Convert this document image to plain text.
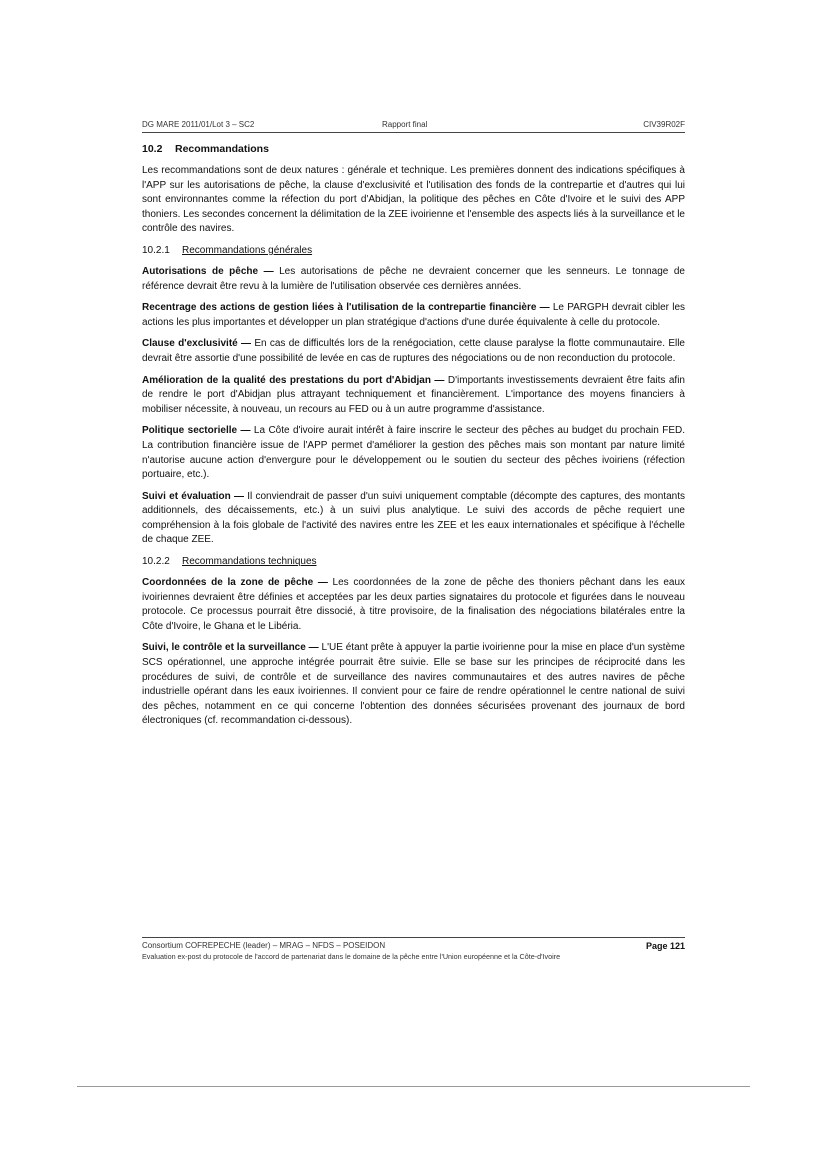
DG MARE 2011/01/Lot 3 – SC2	Rapport final	CIV39R02F
10.2 Recommandations

Les recommandations sont de deux natures : générale et technique. Les premières donnent des indications spécifiques à l'APP sur les autorisations de pêche, la clause d'exclusivité et l'utilisation des fonds de la contrepartie et d'autres qui lui sont environnantes comme la réfection du port d'Abidjan, la politique des pêches en Côte d'Ivoire et le suivi des APP thoniers. Les secondes concernent la délimitation de la ZEE ivoirienne et l'ensemble des aspects liés à la surveillance et le contrôle des navires.

10.2.1 Recommandations générales

Autorisations de pêche — Les autorisations de pêche ne devraient concerner que les senneurs. Le tonnage de référence devrait être revu à la lumière de l'utilisation observée ces dernières années.

Recentrage des actions de gestion liées à l'utilisation de la contrepartie financière — Le PARGPH devrait cibler les actions les plus importantes et développer un plan stratégique d'actions d'une durée équivalente à celle du protocole.

Clause d'exclusivité — En cas de difficultés lors de la renégociation, cette clause paralyse la flotte communautaire. Elle devrait être assortie d'une possibilité de levée en cas de ruptures des négociations ou de non reconduction du protocole.

Amélioration de la qualité des prestations du port d'Abidjan — D'importants investissements devraient être faits afin de rendre le port d'Abidjan plus attrayant techniquement et financièrement. L'importance des moyens financiers à mobiliser nécessite, à nouveau, un recours au FED ou à un autre programme d'assistance.

Politique sectorielle — La Côte d'ivoire aurait intérêt à faire inscrire le secteur des pêches au budget du prochain FED. La contribution financière issue de l'APP permet d'améliorer la gestion des pêches mais son montant par nature limité n'autorise aucune action d'envergure pour le développement ou le soutien du secteur des pêches ivoiriens (réfection portuaire, etc.).

Suivi et évaluation — Il conviendrait de passer d'un suivi uniquement comptable (décompte des captures, des montants additionnels, des décaissements, etc.) à un suivi plus analytique. Le suivi des accords de pêche requiert une compréhension à la fois globale de l'activité des navires entre les ZEE et les eaux internationales et spécifique à l'échelle de chaque ZEE.

10.2.2 Recommandations techniques

Coordonnées de la zone de pêche — Les coordonnées de la zone de pêche des thoniers pêchant dans les eaux ivoiriennes devraient être définies et acceptées par les deux parties signataires du protocole et figurées dans le nouveau protocole. Ce processus pourrait être dissocié, à titre provisoire, de la finalisation des négociations bilatérales entre la Côte d'Ivoire, le Ghana et le Libéria.

Suivi, le contrôle et la surveillance — L'UE étant prête à appuyer la partie ivoirienne pour la mise en place d'un système SCS opérationnel, une approche intégrée pourrait être suivie. Elle se base sur les principes de réciprocité dans les procédures de suivi, de contrôle et de surveillance des navires communautaires et des autres navires de pêche industrielle opérant dans les eaux ivoiriennes. Il convient pour ce faire de rendre opérationnel le centre national de suivi des pêches, notamment en ce qui concerne l'obtention des données sécurisées provenant des journaux de bord électroniques (cf. recommandation ci-dessous).

Consortium COFREPECHE (leader) – MRAG – NFDS – POSEIDON	Page 121
Evaluation ex-post du protocole de l'accord de partenariat dans le domaine de la pêche entre l'Union européenne et la Côte-d'Ivoire
